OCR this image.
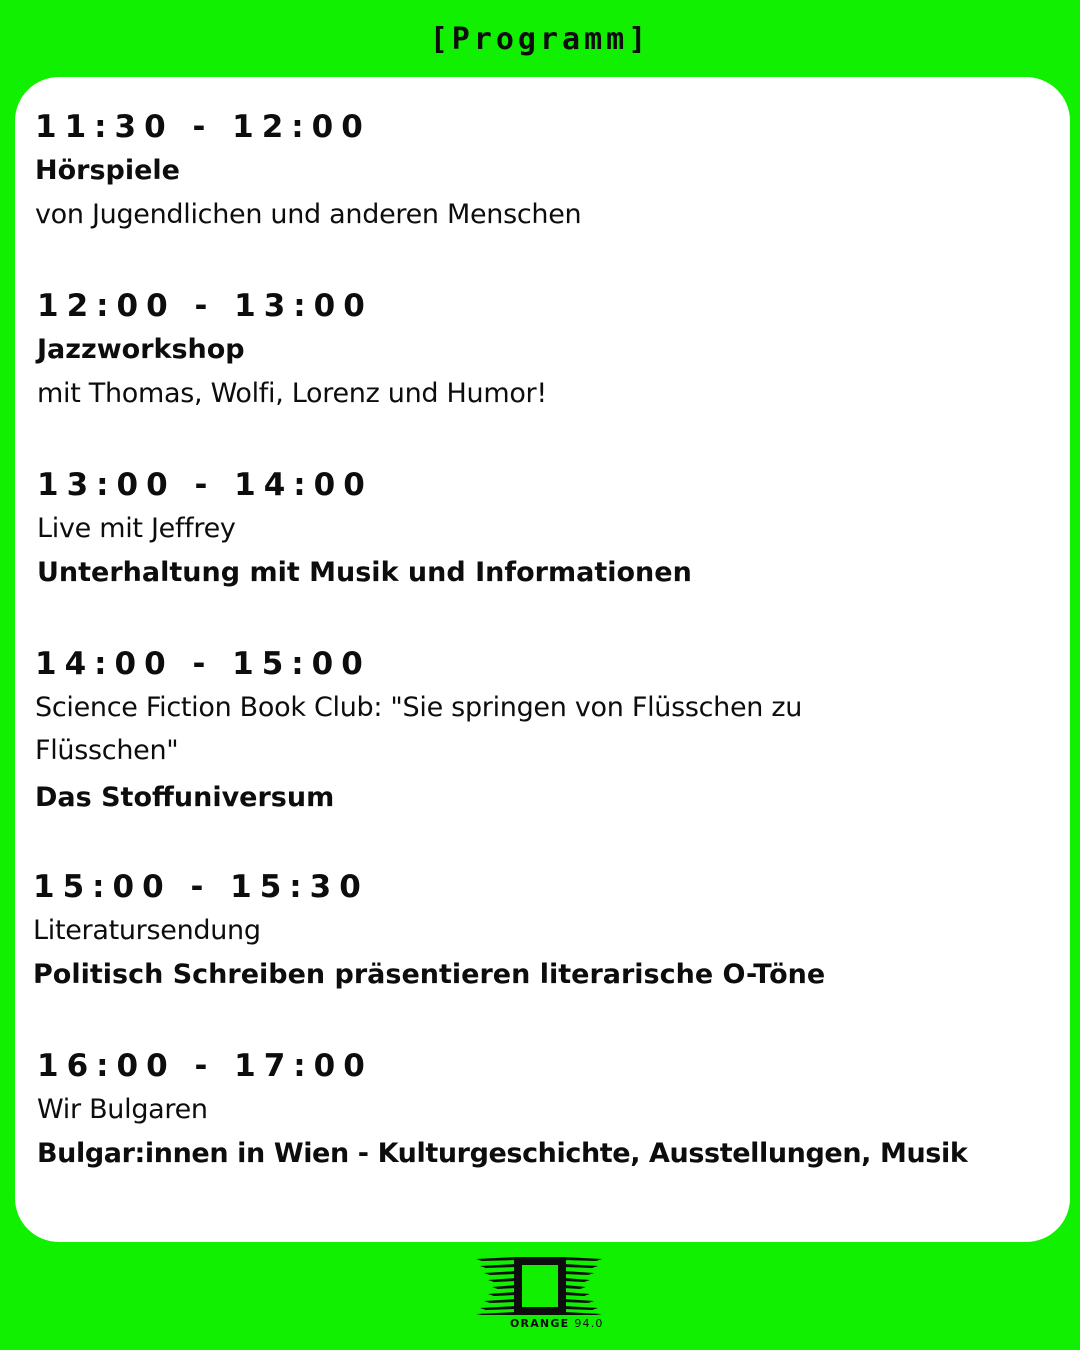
[Programm]
11:30 - 12:00
Hörspiele
von Jugendlichen und anderen Menschen
12:00 - 13:00
Jazzworkshop
mit Thomas, Wolfi, Lorenz und Humor!
13:00 - 14:00
Live mit Jeffrey
Unterhaltung mit Musik und Informationen
14:00 - 15:00
Science Fiction Book Club: "Sie springen von Flüsschen zu Flüsschen"
Das Stoffuniversum
15:00 - 15:30
Literatursendung
Politisch Schreiben präsentieren literarische O-Töne
16:00 - 17:00
Wir Bulgaren
Bulgar:innen in Wien - Kulturgeschichte, Ausstellungen, Musik
ORANGE 94.0
